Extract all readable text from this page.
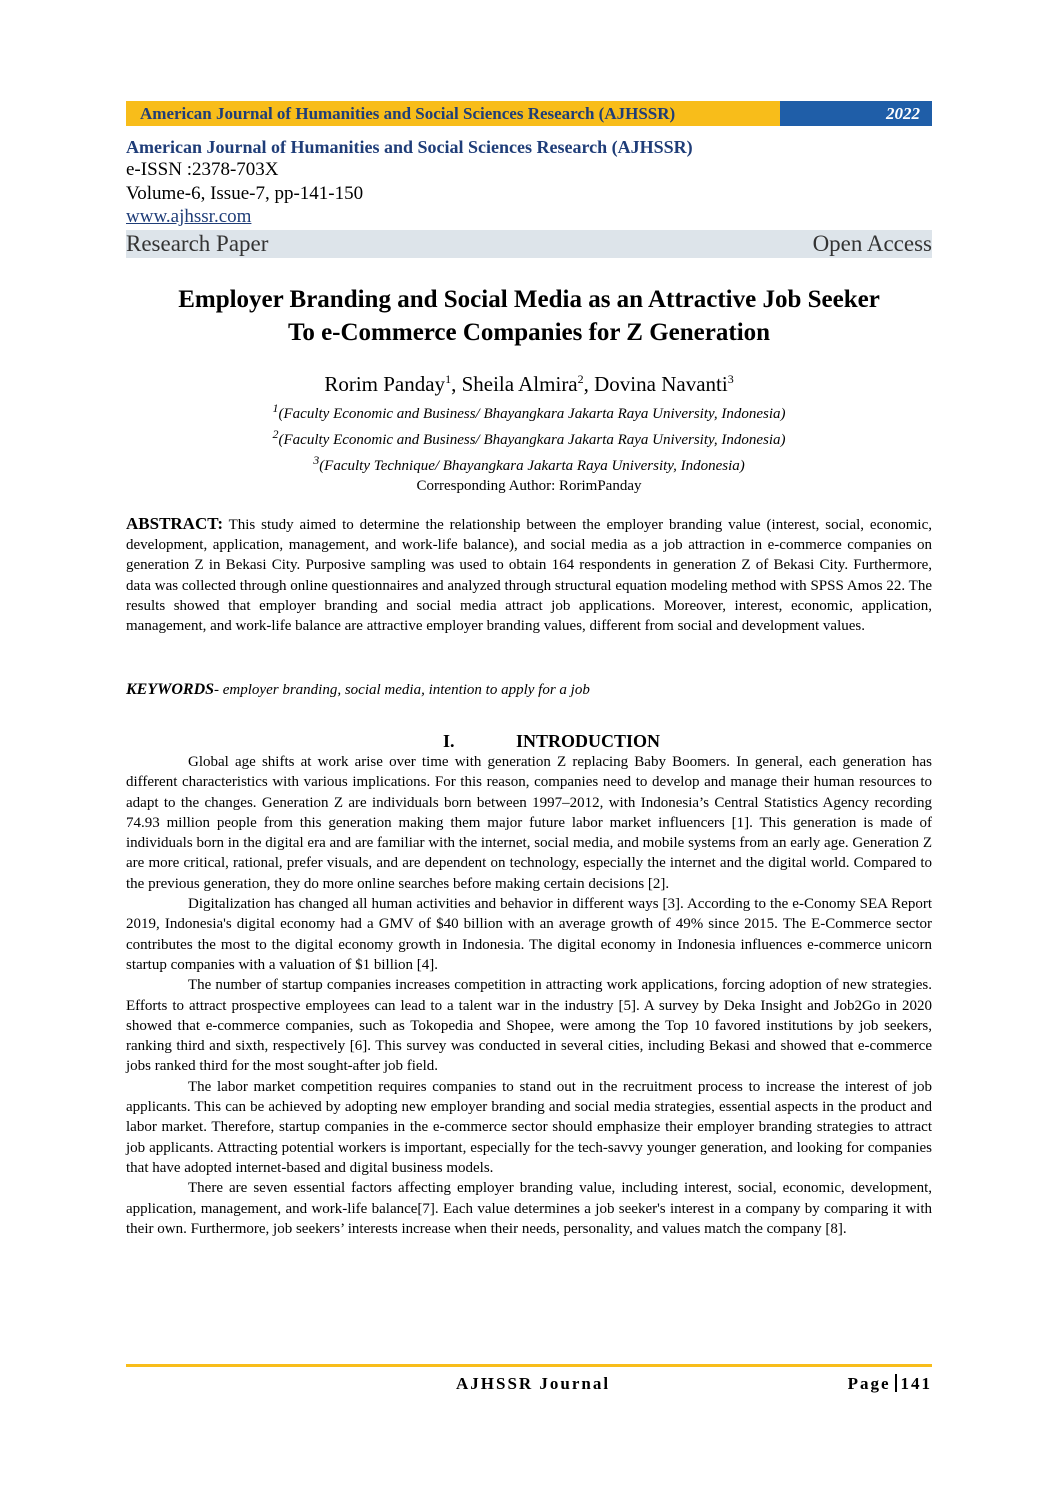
American Journal of Humanities and Social Sciences Research (AJHSSR)	2022
American Journal of Humanities and Social Sciences Research (AJHSSR)
e-ISSN :2378-703X
Volume-6, Issue-7, pp-141-150
www.ajhssr.com
Research Paper	Open Access
Employer Branding and Social Media as an Attractive Job Seeker
To e-Commerce Companies for Z Generation
Rorim Panday$^1$, Sheila Almira$^2$, Dovina Navanti$^3$
$^1$(Faculty Economic and Business/ Bhayangkara Jakarta Raya University, Indonesia)
$^2$(Faculty Economic and Business/ Bhayangkara Jakarta Raya University, Indonesia)
$^3$(Faculty Technique/ Bhayangkara Jakarta Raya University, Indonesia)
Corresponding Author: RorimPanday
ABSTRACT: This study aimed to determine the relationship between the employer branding value (interest, social, economic, development, application, management, and work-life balance), and social media as a job attraction in e-commerce companies on generation Z in Bekasi City. Purposive sampling was used to obtain 164 respondents in generation Z of Bekasi City. Furthermore, data was collected through online questionnaires and analyzed through structural equation modeling method with SPSS Amos 22. The results showed that employer branding and social media attract job applications. Moreover, interest, economic, application, management, and work-life balance are attractive employer branding values, different from social and development values.
KEYWORDS- employer branding, social media, intention to apply for a job
I.	INTRODUCTION

Global age shifts at work arise over time with generation Z replacing Baby Boomers. In general, each generation has different characteristics with various implications. For this reason, companies need to develop and manage their human resources to adapt to the changes. Generation Z are individuals born between 1997–2012, with Indonesia’s Central Statistics Agency recording 74.93 million people from this generation making them major future labor market influencers [1]. This generation is made of individuals born in the digital era and are familiar with the internet, social media, and mobile systems from an early age. Generation Z are more critical, rational, prefer visuals, and are dependent on technology, especially the internet and the digital world. Compared to the previous generation, they do more online searches before making certain decisions [2].

Digitalization has changed all human activities and behavior in different ways [3]. According to the e-Conomy SEA Report 2019, Indonesia's digital economy had a GMV of $40 billion with an average growth of 49% since 2015. The E-Commerce sector contributes the most to the digital economy growth in Indonesia. The digital economy in Indonesia influences e-commerce unicorn startup companies with a valuation of $1 billion [4].

The number of startup companies increases competition in attracting work applications, forcing adoption of new strategies. Efforts to attract prospective employees can lead to a talent war in the industry [5]. A survey by Deka Insight and Job2Go in 2020 showed that e-commerce companies, such as Tokopedia and Shopee, were among the Top 10 favored institutions by job seekers, ranking third and sixth, respectively [6]. This survey was conducted in several cities, including Bekasi and showed that e-commerce jobs ranked third for the most sought-after job field.

The labor market competition requires companies to stand out in the recruitment process to increase the interest of job applicants. This can be achieved by adopting new employer branding and social media strategies, essential aspects in the product and labor market. Therefore, startup companies in the e-commerce sector should emphasize their employer branding strategies to attract job applicants. Attracting potential workers is important, especially for the tech-savvy younger generation, and looking for companies that have adopted internet-based and digital business models.

There are seven essential factors affecting employer branding value, including interest, social, economic, development, application, management, and work-life balance[7]. Each value determines a job seeker's interest in a company by comparing it with their own. Furthermore, job seekers’ interests increase when their needs, personality, and values match the company [8].

AJHSSR Journal	Page 141
